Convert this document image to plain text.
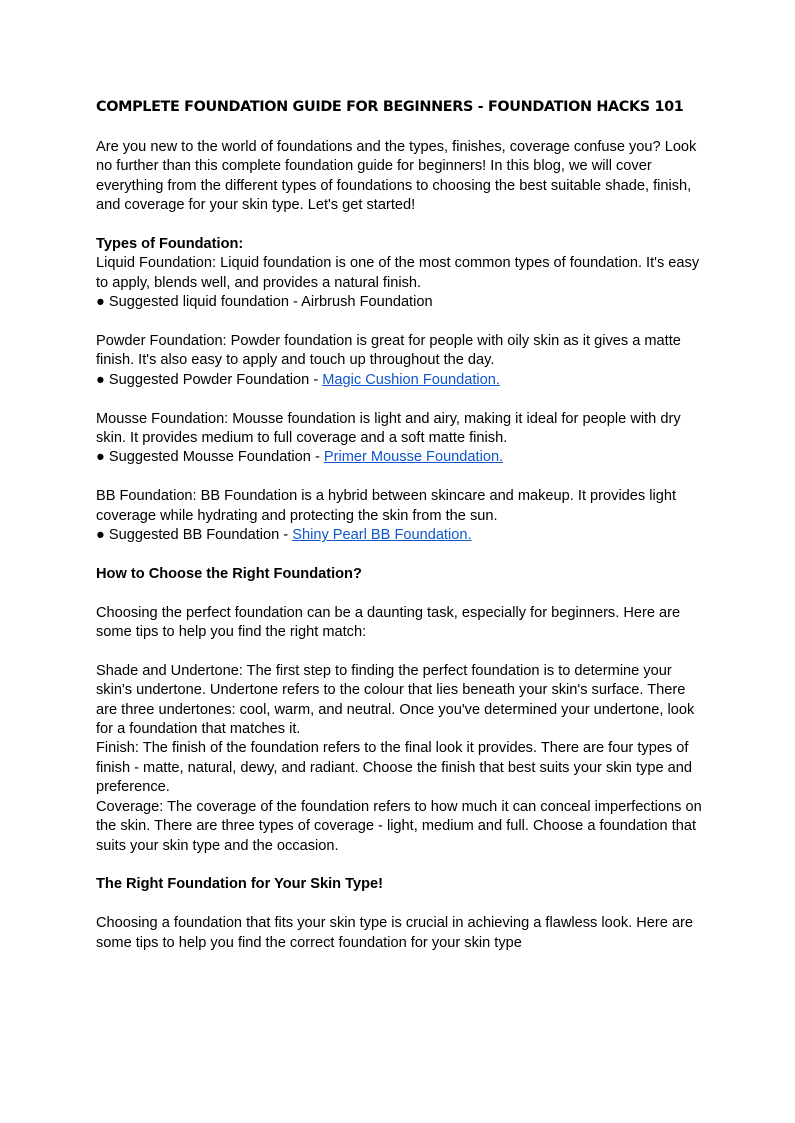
COMPLETE FOUNDATION GUIDE FOR BEGINNERS - FOUNDATION HACKS 101

Are you new to the world of foundations and the types, finishes, coverage confuse you? Look no further than this complete foundation guide for beginners! In this blog, we will cover everything from the different types of foundations to choosing the best suitable shade, finish, and coverage for your skin type. Let's get started!

Types of Foundation:

Liquid Foundation: Liquid foundation is one of the most common types of foundation. It's easy to apply, blends well, and provides a natural finish.

● Suggested liquid foundation - Airbrush Foundation

Powder Foundation: Powder foundation is great for people with oily skin as it gives a matte finish. It's also easy to apply and touch up throughout the day.

● Suggested Powder Foundation - Magic Cushion Foundation.

Mousse Foundation: Mousse foundation is light and airy, making it ideal for people with dry skin. It provides medium to full coverage and a soft matte finish.

● Suggested Mousse Foundation - Primer Mousse Foundation.

BB Foundation: BB Foundation is a hybrid between skincare and makeup. It provides light coverage while hydrating and protecting the skin from the sun.

● Suggested BB Foundation - Shiny Pearl BB Foundation.

How to Choose the Right Foundation?

Choosing the perfect foundation can be a daunting task, especially for beginners. Here are some tips to help you find the right match:

Shade and Undertone: The first step to finding the perfect foundation is to determine your skin's undertone. Undertone refers to the colour that lies beneath your skin's surface. There are three undertones: cool, warm, and neutral. Once you've determined your undertone, look for a foundation that matches it.

Finish: The finish of the foundation refers to the final look it provides. There are four types of finish - matte, natural, dewy, and radiant. Choose the finish that best suits your skin type and preference.

Coverage: The coverage of the foundation refers to how much it can conceal imperfections on the skin. There are three types of coverage - light, medium and full. Choose a foundation that suits your skin type and the occasion.

The Right Foundation for Your Skin Type!

Choosing a foundation that fits your skin type is crucial in achieving a flawless look. Here are some tips to help you find the correct foundation for your skin type
